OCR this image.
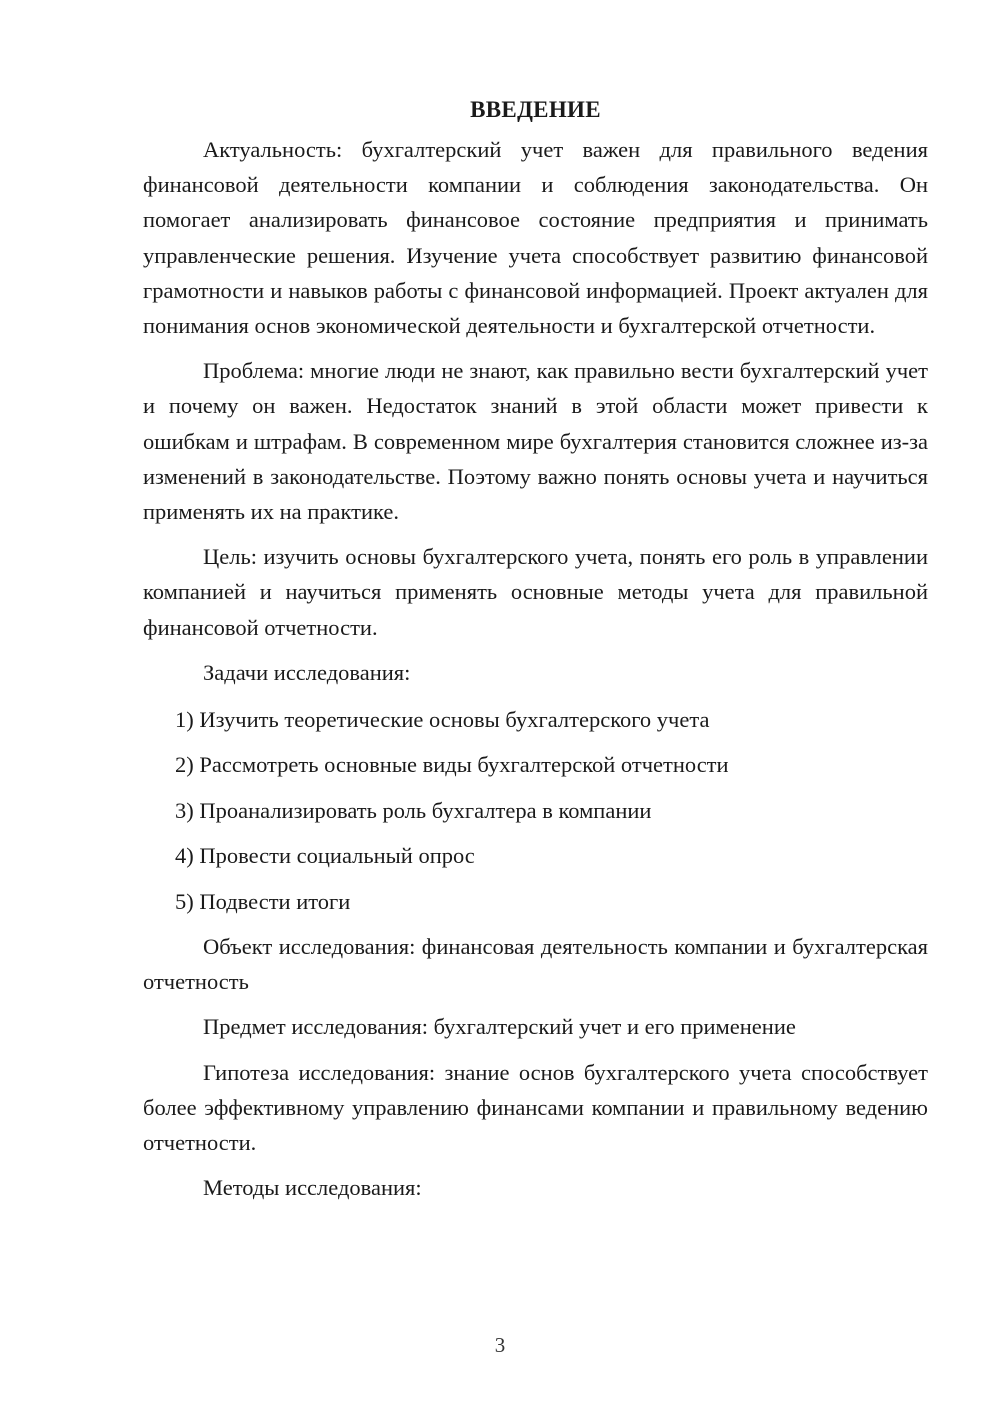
ВВЕДЕНИЕ

Актуальность: бухгалтерский учет важен для правильного ведения финансовой деятельности компании и соблюдения законодательства. Он помогает анализировать финансовое состояние предприятия и принимать управленческие решения. Изучение учета способствует развитию финансовой грамотности и навыков работы с финансовой информацией. Проект актуален для понимания основ экономической деятельности и бухгалтерской отчетности.

Проблема: многие люди не знают, как правильно вести бухгалтерский учет и почему он важен. Недостаток знаний в этой области может привести к ошибкам и штрафам. В современном мире бухгалтерия становится сложнее из-за изменений в законодательстве. Поэтому важно понять основы учета и научиться применять их на практике.

Цель: изучить основы бухгалтерского учета, понять его роль в управлении компанией и научиться применять основные методы учета для правильной финансовой отчетности.

Задачи исследования:

1) Изучить теоретические основы бухгалтерского учета
2) Рассмотреть основные виды бухгалтерской отчетности
3) Проанализировать роль бухгалтера в компании
4) Провести социальный опрос
5) Подвести итоги

Объект исследования: финансовая деятельность компании и бухгалтерская отчетность

Предмет исследования: бухгалтерский учет и его применение

Гипотеза исследования: знание основ бухгалтерского учета способствует более эффективному управлению финансами компании и правильному ведению отчетности.

Методы исследования:

3
